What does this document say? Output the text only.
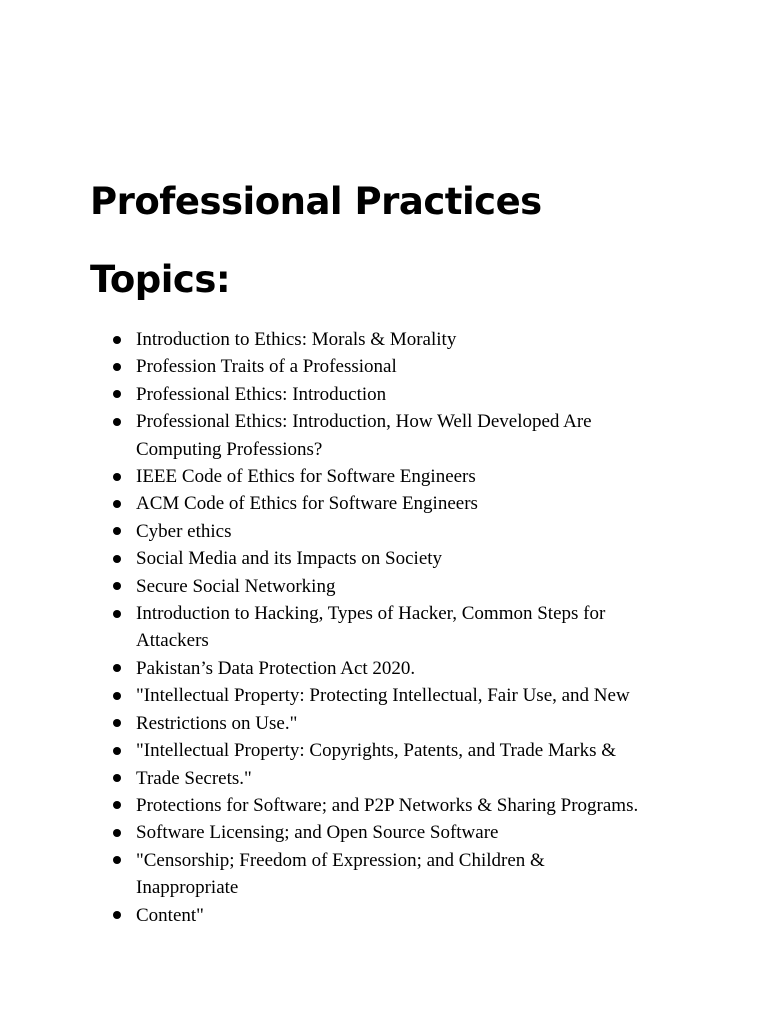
Professional Practices
Topics:
Introduction to Ethics: Morals & Morality
Profession Traits of a Professional
Professional Ethics: Introduction
Professional Ethics: Introduction, How Well Developed Are
Computing Professions?
IEEE Code of Ethics for Software Engineers
ACM Code of Ethics for Software Engineers
Cyber ethics
Social Media and its Impacts on Society
Secure Social Networking
Introduction to Hacking, Types of Hacker, Common Steps for
Attackers
Pakistan’s Data Protection Act 2020.
"Intellectual Property: Protecting Intellectual, Fair Use, and New
Restrictions on Use."
"Intellectual Property: Copyrights, Patents, and Trade Marks &
Trade Secrets."
Protections for Software; and P2P Networks & Sharing Programs.
Software Licensing; and Open Source Software
"Censorship; Freedom of Expression; and Children &
Inappropriate
Content"
